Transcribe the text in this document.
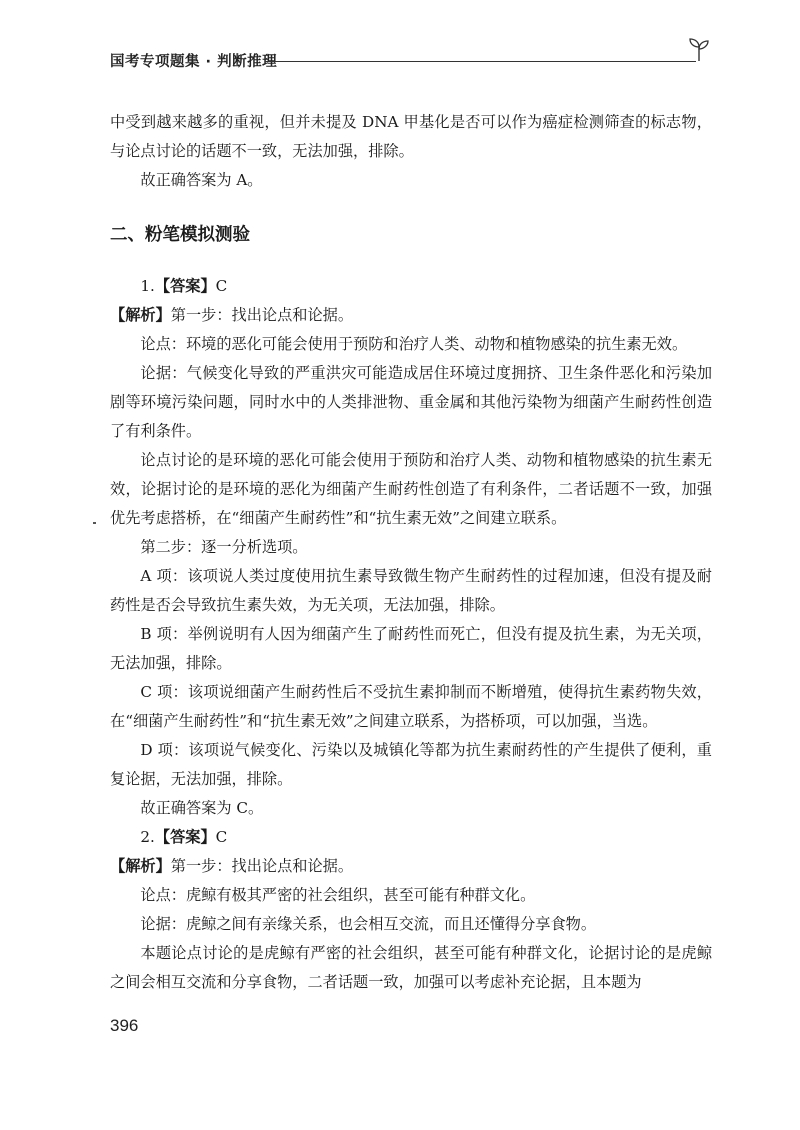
国考专项题集 · 判断推理

中受到越来越多的重视，但并未提及 DNA 甲基化是否可以作为癌症检测筛查的标志物，与论点讨论的话题不一致，无法加强，排除。

故正确答案为 A。

二、粉笔模拟测验

1.【答案】C

【解析】第一步：找出论点和论据。

论点：环境的恶化可能会使用于预防和治疗人类、动物和植物感染的抗生素无效。

论据：气候变化导致的严重洪灾可能造成居住环境过度拥挤、卫生条件恶化和污染加剧等环境污染问题，同时水中的人类排泄物、重金属和其他污染物为细菌产生耐药性创造了有利条件。

论点讨论的是环境的恶化可能会使用于预防和治疗人类、动物和植物感染的抗生素无效，论据讨论的是环境的恶化为细菌产生耐药性创造了有利条件，二者话题不一致，加强优先考虑搭桥，在“细菌产生耐药性”和“抗生素无效”之间建立联系。

第二步：逐一分析选项。

A 项：该项说人类过度使用抗生素导致微生物产生耐药性的过程加速，但没有提及耐药性是否会导致抗生素失效，为无关项，无法加强，排除。

B 项：举例说明有人因为细菌产生了耐药性而死亡，但没有提及抗生素，为无关项，无法加强，排除。

C 项：该项说细菌产生耐药性后不受抗生素抑制而不断增殖，使得抗生素药物失效，在“细菌产生耐药性”和“抗生素无效”之间建立联系，为搭桥项，可以加强，当选。

D 项：该项说气候变化、污染以及城镇化等都为抗生素耐药性的产生提供了便利，重复论据，无法加强，排除。

故正确答案为 C。

2.【答案】C

【解析】第一步：找出论点和论据。

论点：虎鲸有极其严密的社会组织，甚至可能有种群文化。

论据：虎鲸之间有亲缘关系，也会相互交流，而且还懂得分享食物。

本题论点讨论的是虎鲸有严密的社会组织，甚至可能有种群文化，论据讨论的是虎鲸之间会相互交流和分享食物，二者话题一致，加强可以考虑补充论据，且本题为

396
